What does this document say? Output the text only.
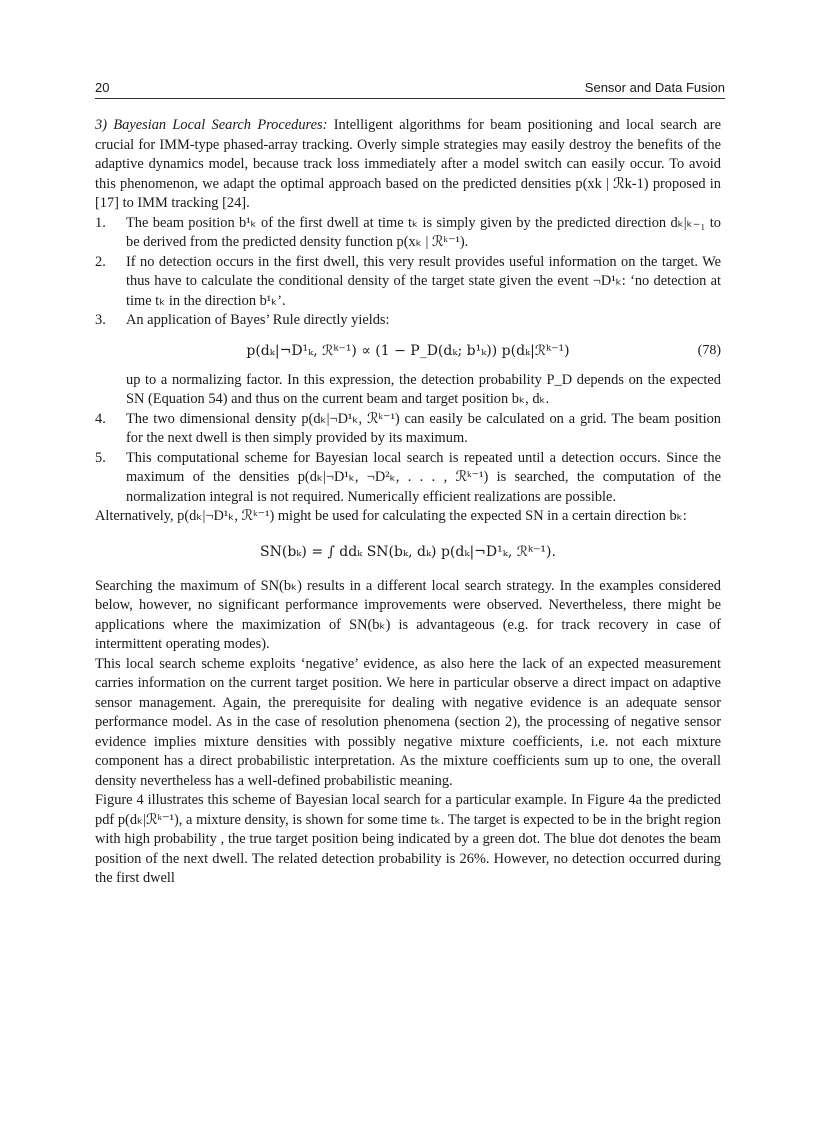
20	Sensor and Data Fusion

3) Bayesian Local Search Procedures: Intelligent algorithms for beam positioning and local search are crucial for IMM-type phased-array tracking. Overly simple strategies may easily destroy the benefits of the adaptive dynamics model, because track loss immediately after a model switch can easily occur. To avoid this phenomenon, we adapt the optimal approach based on the predicted densities p(xk | ℛk-1) proposed in [17] to IMM tracking [24].

1. The beam position b¹ₖ of the first dwell at time tₖ is simply given by the predicted direction dₖ|ₖ₋₁ to be derived from the predicted density function p(xₖ | ℛᵏ⁻¹).
2. If no detection occurs in the first dwell, this very result provides useful information on the target. We thus have to calculate the conditional density of the target state given the event ¬D¹ₖ: ‘no detection at time tₖ in the direction b¹ₖ’.
3. An application of Bayes’ Rule directly yields:
p(dₖ|¬D¹ₖ, ℛᵏ⁻¹) ∝ (1 − P_D(dₖ; b¹ₖ)) p(dₖ|ℛᵏ⁻¹)	(78)

up to a normalizing factor. In this expression, the detection probability P_D depends on the expected SN (Equation 54) and thus on the current beam and target position bₖ, dₖ.

4. The two dimensional density p(dₖ|¬D¹ₖ, ℛᵏ⁻¹) can easily be calculated on a grid. The beam position for the next dwell is then simply provided by its maximum.
5. This computational scheme for Bayesian local search is repeated until a detection occurs. Since the maximum of the densities p(dₖ|¬D¹ₖ, ¬D²ₖ, . . . , ℛᵏ⁻¹) is searched, the computation of the normalization integral is not required. Numerically efficient realizations are possible.

Alternatively, p(dₖ|¬D¹ₖ, ℛᵏ⁻¹) might be used for calculating the expected SN in a certain direction bₖ:

SN(bₖ) = ∫ ddₖ SN(bₖ, dₖ) p(dₖ|¬D¹ₖ, ℛᵏ⁻¹).

Searching the maximum of SN(bₖ) results in a different local search strategy. In the examples considered below, however, no significant performance improvements were observed. Nevertheless, there might be applications where the maximization of SN(bₖ) is advantageous (e.g. for track recovery in case of intermittent operating modes).

This local search scheme exploits ‘negative’ evidence, as also here the lack of an expected measurement carries information on the current target position. We here in particular observe a direct impact on adaptive sensor management. Again, the prerequisite for dealing with negative evidence is an adequate sensor performance model. As in the case of resolution phenomena (section 2), the processing of negative sensor evidence implies mixture densities with possibly negative mixture coefficients, i.e. not each mixture component has a direct probabilistic interpretation. As the mixture coefficients sum up to one, the overall density nevertheless has a well-defined probabilistic meaning.

Figure 4 illustrates this scheme of Bayesian local search for a particular example. In Figure 4a the predicted pdf p(dₖ|ℛᵏ⁻¹), a mixture density, is shown for some time tₖ. The target is expected to be in the bright region with high probability , the true target position being indicated by a green dot. The blue dot denotes the beam position of the next dwell. The related detection probability is 26%. However, no detection occurred during the first dwell
